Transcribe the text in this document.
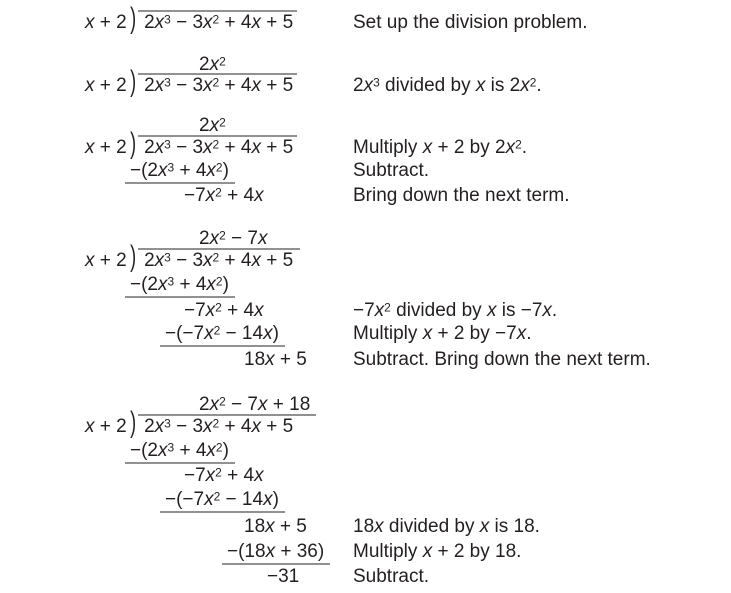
x + 2 ) $2x^3 - 3x^2 + 4x + 5$	Set up the division problem.
$2x^2$
x + 2 ) $2x^3 - 3x^2 + 4x + 5$	$2x^3$ divided by x is $2x^2$.
$2x^2$
x + 2 ) $2x^3 - 3x^2 + 4x + 5$
$-(2x^3 + 4x^2)$
$-7x^2 + 4x$
Multiply x + 2 by $2x^2$.
Subtract.
Bring down the next term.
$2x^2 - 7x$
x + 2 ) $2x^3 - 3x^2 + 4x + 5$
$-(2x^3 + 4x^2)$
$-7x^2 + 4x$
$-(-7x^2 - 14x)$
18x + 5
$-7x^2$ divided by x is −7x.
Multiply x + 2 by −7x.
Subtract. Bring down the next term.
$2x^2 - 7x + 18$
x + 2 ) $2x^3 - 3x^2 + 4x + 5$
$-(2x^3 + 4x^2)$
$-7x^2 + 4x$
$-(-7x^2 - 14x)$
18x + 5
−(18x + 36)
−31
18x divided by x is 18.
Multiply x + 2 by 18.
Subtract.
